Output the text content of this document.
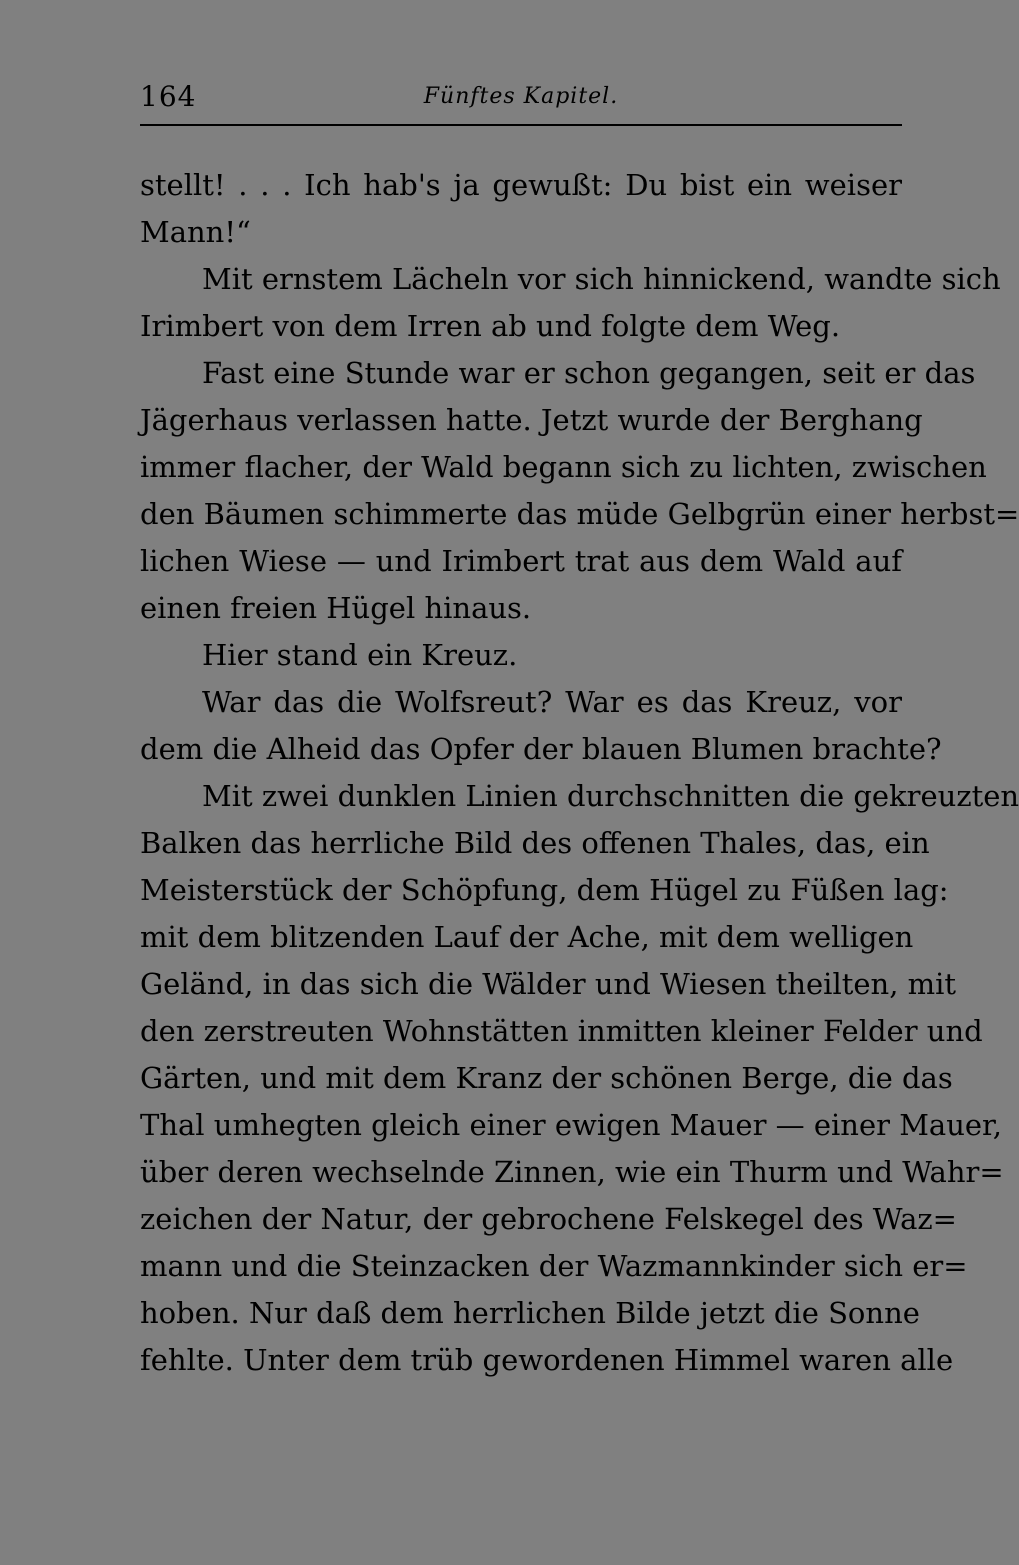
164	Fünftes Kapitel.
stellt! . . . Ich hab's ja gewußt: Du bist ein weiser
Mann!“
Mit ernstem Lächeln vor sich hinnickend, wandte sich
Irimbert von dem Irren ab und folgte dem Weg.
Fast eine Stunde war er schon gegangen, seit er das
Jägerhaus verlassen hatte. Jetzt wurde der Berghang
immer flacher, der Wald begann sich zu lichten, zwischen
den Bäumen schimmerte das müde Gelbgrün einer herbst=
lichen Wiese — und Irimbert trat aus dem Wald auf
einen freien Hügel hinaus.
Hier stand ein Kreuz.
War das die Wolfsreut? War es das Kreuz, vor
dem die Alheid das Opfer der blauen Blumen brachte?
Mit zwei dunklen Linien durchschnitten die gekreuzten
Balken das herrliche Bild des offenen Thales, das, ein
Meisterstück der Schöpfung, dem Hügel zu Füßen lag:
mit dem blitzenden Lauf der Ache, mit dem welligen
Geländ, in das sich die Wälder und Wiesen theilten, mit
den zerstreuten Wohnstätten inmitten kleiner Felder und
Gärten, und mit dem Kranz der schönen Berge, die das
Thal umhegten gleich einer ewigen Mauer — einer Mauer,
über deren wechselnde Zinnen, wie ein Thurm und Wahr=
zeichen der Natur, der gebrochene Felskegel des Waz=
mann und die Steinzacken der Wazmannkinder sich er=
hoben. Nur daß dem herrlichen Bilde jetzt die Sonne
fehlte. Unter dem trüb gewordenen Himmel waren alle
